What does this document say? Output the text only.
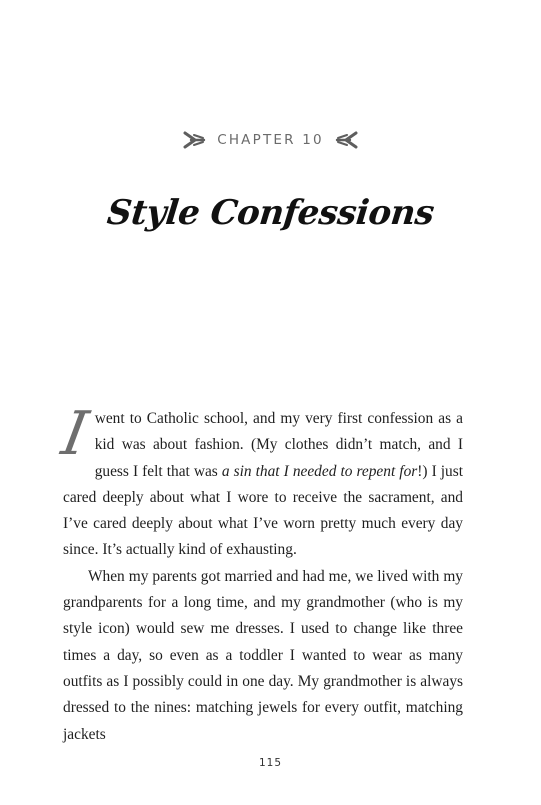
CHAPTER 10
Style Confessions

I went to Catholic school, and my very first confession as a kid was about fashion. (My clothes didn’t match, and I guess I felt that was a sin that I needed to repent for!) I just cared deeply about what I wore to receive the sacrament, and I’ve cared deeply about what I’ve worn pretty much every day since. It’s actually kind of exhausting.

When my parents got married and had me, we lived with my grandparents for a long time, and my grandmother (who is my style icon) would sew me dresses. I used to change like three times a day, so even as a toddler I wanted to wear as many outfits as I possibly could in one day. My grandmother is always dressed to the nines: matching jewels for every outfit, matching jackets

115
